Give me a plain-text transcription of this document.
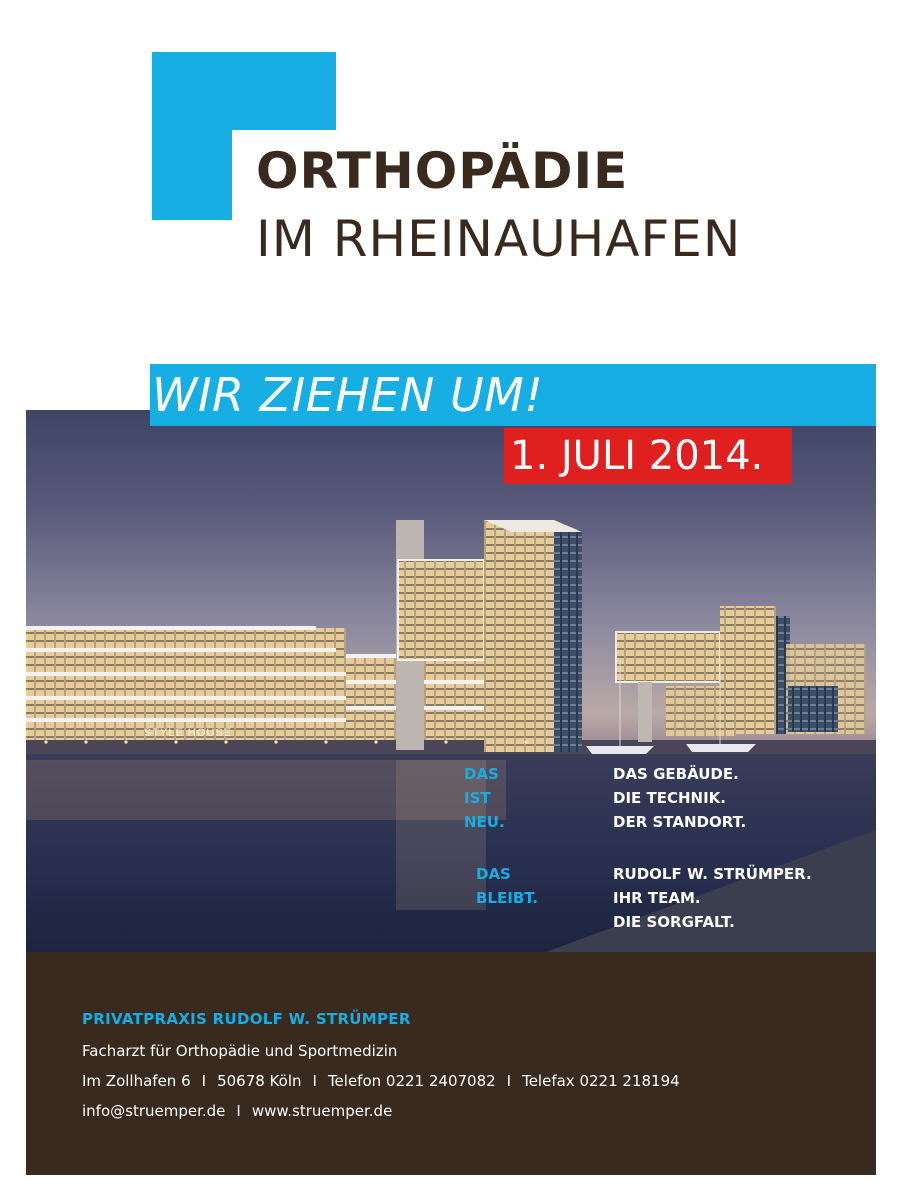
ORTHOPÄDIE
IM RHEINAUHAFEN
STYLE HOUSE
WIR ZIEHEN UM!

1. JULI 2014.

DAS IST NEU.

DAS GEBÄUDE.
DIE TECHNIK.
DER STANDORT.

DAS BLEIBT.

RUDOLF W. STRÜMPER.
IHR TEAM.
DIE SORGFALT.

PRIVATPRAXIS RUDOLF W. STRÜMPER

Facharzt für Orthopädie und Sportmedizin

Im Zollhafen 6 I 50678 Köln I Telefon 0221 2407082 I Telefax 0221 218194

info@struemper.de I www.struemper.de
